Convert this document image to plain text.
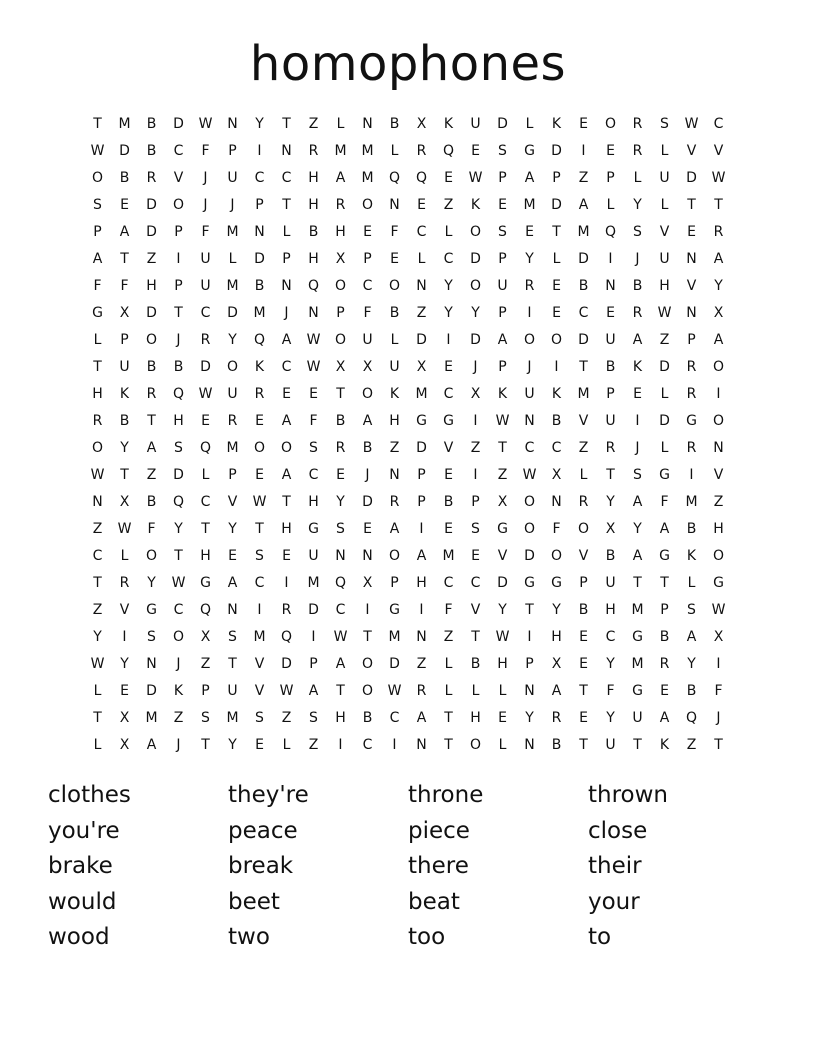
homophones
T	M	B	D	W	N	Y	T	Z	L	N	B	X	K	U	D	L	K	E	O	R	S	W	C
W	D	B	C	F	P	I	N	R	M	M	L	R	Q	E	S	G	D	I	E	R	L	V	V
O	B	R	V	J	U	C	C	H	A	M	Q	Q	E	W	P	A	P	Z	P	L	U	D	W
S	E	D	O	J	J	P	T	H	R	O	N	E	Z	K	E	M	D	A	L	Y	L	T	T
P	A	D	P	F	M	N	L	B	H	E	F	C	L	O	S	E	T	M	Q	S	V	E	R
A	T	Z	I	U	L	D	P	H	X	P	E	L	C	D	P	Y	L	D	I	J	U	N	A
F	F	H	P	U	M	B	N	Q	O	C	O	N	Y	O	U	R	E	B	N	B	H	V	Y
G	X	D	T	C	D	M	J	N	P	F	B	Z	Y	Y	P	I	E	C	E	R	W	N	X
L	P	O	J	R	Y	Q	A	W	O	U	L	D	I	D	A	O	O	D	U	A	Z	P	A
T	U	B	B	D	O	K	C	W	X	X	U	X	E	J	P	J	I	T	B	K	D	R	O
H	K	R	Q	W	U	R	E	E	T	O	K	M	C	X	K	U	K	M	P	E	L	R	I
R	B	T	H	E	R	E	A	F	B	A	H	G	G	I	W	N	B	V	U	I	D	G	O
O	Y	A	S	Q	M	O	O	S	R	B	Z	D	V	Z	T	C	C	Z	R	J	L	R	N
W	T	Z	D	L	P	E	A	C	E	J	N	P	E	I	Z	W	X	L	T	S	G	I	V
N	X	B	Q	C	V	W	T	H	Y	D	R	P	B	P	X	O	N	R	Y	A	F	M	Z
Z	W	F	Y	T	Y	T	H	G	S	E	A	I	E	S	G	O	F	O	X	Y	A	B	H
C	L	O	T	H	E	S	E	U	N	N	O	A	M	E	V	D	O	V	B	A	G	K	O
T	R	Y	W	G	A	C	I	M	Q	X	P	H	C	C	D	G	G	P	U	T	T	L	G
Z	V	G	C	Q	N	I	R	D	C	I	G	I	F	V	Y	T	Y	B	H	M	P	S	W
Y	I	S	O	X	S	M	Q	I	W	T	M	N	Z	T	W	I	H	E	C	G	B	A	X
W	Y	N	J	Z	T	V	D	P	A	O	D	Z	L	B	H	P	X	E	Y	M	R	Y	I
L	E	D	K	P	U	V	W	A	T	O	W	R	L	L	L	N	A	T	F	G	E	B	F
T	X	M	Z	S	M	S	Z	S	H	B	C	A	T	H	E	Y	R	E	Y	U	A	Q	J
L	X	A	J	T	Y	E	L	Z	I	C	I	N	T	O	L	N	B	T	U	T	K	Z	T
clothes	they're	throne	thrown
you're	peace	piece	close
brake	break	there	their
would	beet	beat	your
wood	two	too	to
